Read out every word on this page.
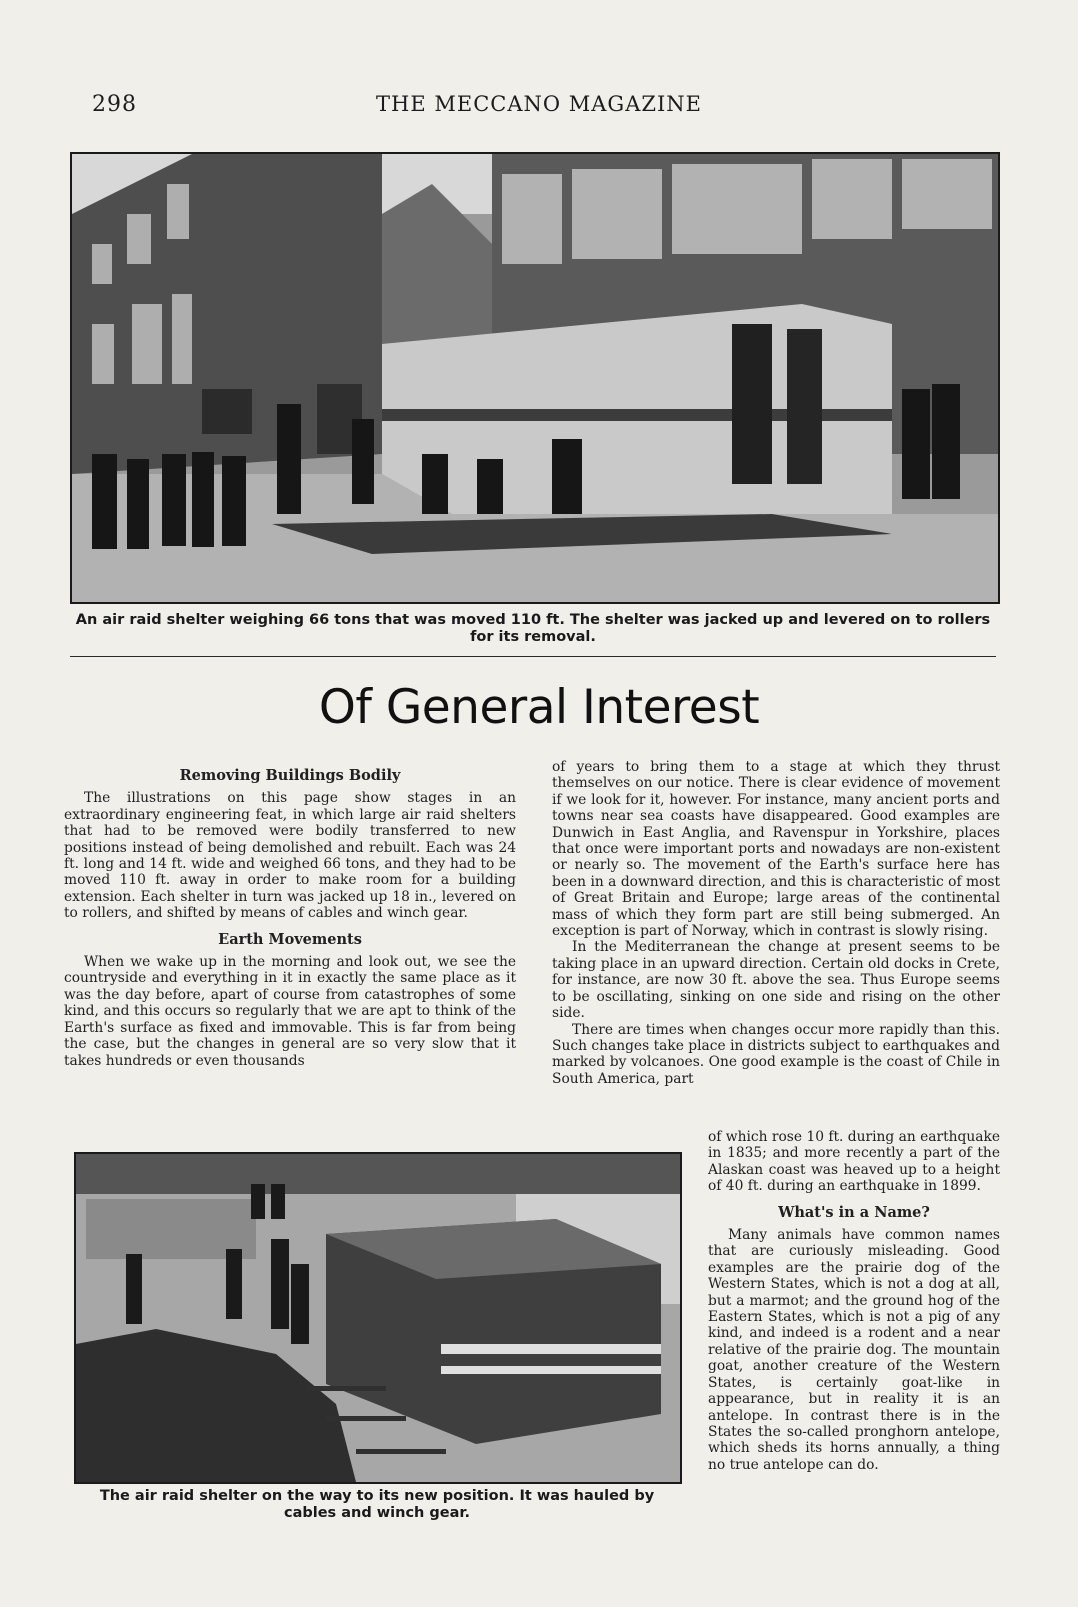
298	THE MECCANO MAGAZINE
An air raid shelter weighing 66 tons that was moved 110 ft. The shelter was jacked up and levered on to rollers for its removal.
Of General Interest
Removing Buildings Bodily

The illustrations on this page show stages in an extraordinary engineering feat, in which large air raid shelters that had to be removed were bodily transferred to new positions instead of being demolished and rebuilt. Each was 24 ft. long and 14 ft. wide and weighed 66 tons, and they had to be moved 110 ft. away in order to make room for a building extension. Each shelter in turn was jacked up 18 in., levered on to rollers, and shifted by means of cables and winch gear.

Earth Movements

When we wake up in the morning and look out, we see the countryside and everything in it in exactly the same place as it was the day before, apart of course from catastrophes of some kind, and this occurs so regularly that we are apt to think of the Earth's surface as fixed and immovable. This is far from being the case, but the changes in general are so very slow that it takes hundreds or even thousands

of years to bring them to a stage at which they thrust themselves on our notice. There is clear evidence of movement if we look for it, however. For instance, many ancient ports and towns near sea coasts have disappeared. Good examples are Dunwich in East Anglia, and Ravenspur in Yorkshire, places that once were important ports and nowadays are non-existent or nearly so. The movement of the Earth's surface here has been in a downward direction, and this is characteristic of most of Great Britain and Europe; large areas of the continental mass of which they form part are still being submerged. An exception is part of Norway, which in contrast is slowly rising.

In the Mediterranean the change at present seems to be taking place in an upward direction. Certain old docks in Crete, for instance, are now 30 ft. above the sea. Thus Europe seems to be oscillating, sinking on one side and rising on the other side.

There are times when changes occur more rapidly than this. Such changes take place in districts subject to earthquakes and marked by volcanoes. One good example is the coast of Chile in South America, part

The air raid shelter on the way to its new position. It was hauled by cables and winch gear.

of which rose 10 ft. during an earthquake in 1835; and more recently a part of the Alaskan coast was heaved up to a height of 40 ft. during an earthquake in 1899.

What's in a Name?

Many animals have common names that are curiously misleading. Good examples are the prairie dog of the Western States, which is not a dog at all, but a marmot; and the ground hog of the Eastern States, which is not a pig of any kind, and indeed is a rodent and a near relative of the prairie dog. The mountain goat, another creature of the Western States, is certainly goat-like in appearance, but in reality it is an antelope. In contrast there is in the States the so-called pronghorn antelope, which sheds its horns annually, a thing no true antelope can do.
